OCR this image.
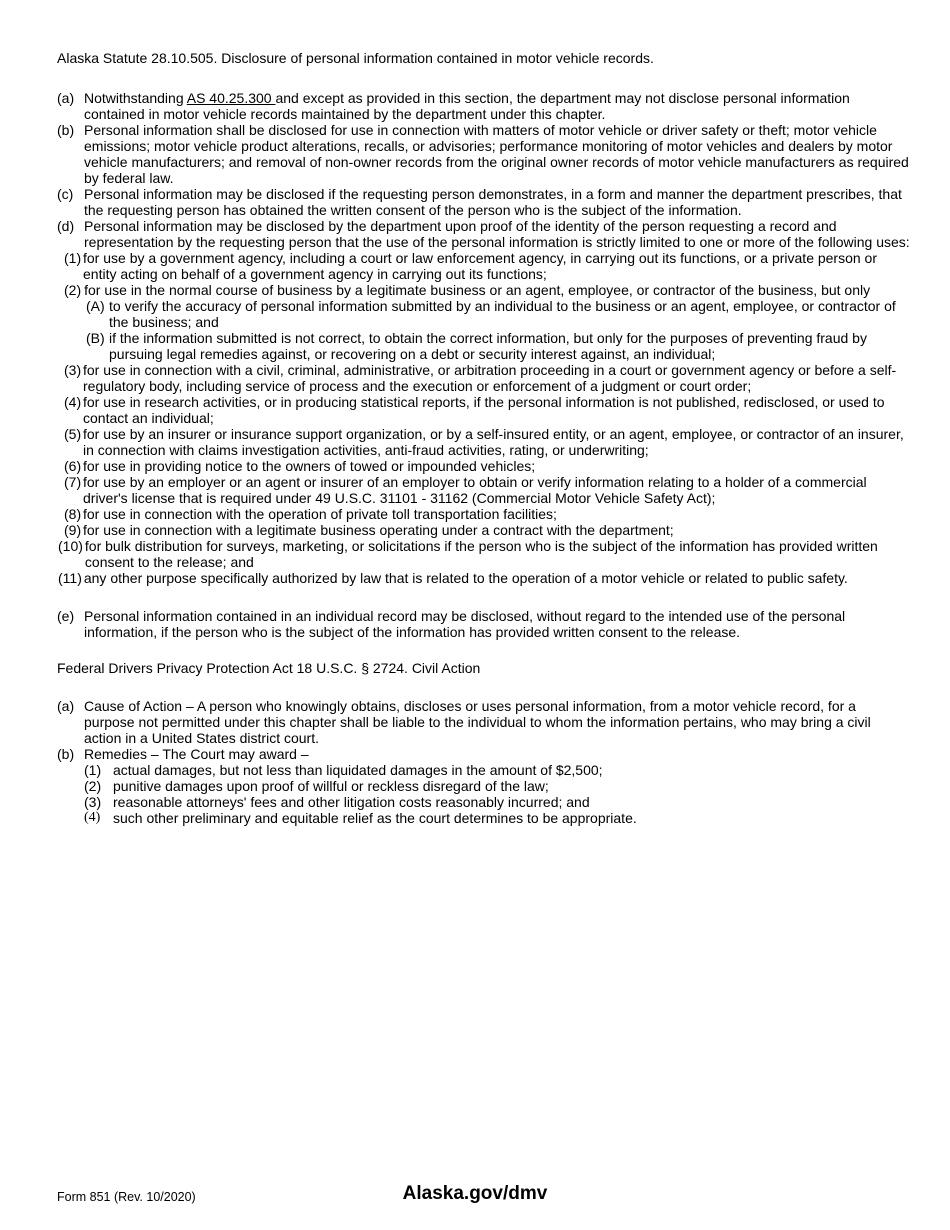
Alaska Statute 28.10.505. Disclosure of personal information contained in motor vehicle records.
(a) Notwithstanding AS 40.25.300 and except as provided in this section, the department may not disclose personal information contained in motor vehicle records maintained by the department under this chapter.
(b) Personal information shall be disclosed for use in connection with matters of motor vehicle or driver safety or theft; motor vehicle emissions; motor vehicle product alterations, recalls, or advisories; performance monitoring of motor vehicles and dealers by motor vehicle manufacturers; and removal of non-owner records from the original owner records of motor vehicle manufacturers as required by federal law.
(c) Personal information may be disclosed if the requesting person demonstrates, in a form and manner the department prescribes, that the requesting person has obtained the written consent of the person who is the subject of the information.
(d) Personal information may be disclosed by the department upon proof of the identity of the person requesting a record and representation by the requesting person that the use of the personal information is strictly limited to one or more of the following uses:
(1) for use by a government agency, including a court or law enforcement agency, in carrying out its functions, or a private person or entity acting on behalf of a government agency in carrying out its functions;
(2) for use in the normal course of business by a legitimate business or an agent, employee, or contractor of the business, but only
(A) to verify the accuracy of personal information submitted by an individual to the business or an agent, employee, or contractor of the business; and
(B) if the information submitted is not correct, to obtain the correct information, but only for the purposes of preventing fraud by pursuing legal remedies against, or recovering on a debt or security interest against, an individual;
(3) for use in connection with a civil, criminal, administrative, or arbitration proceeding in a court or government agency or before a self-regulatory body, including service of process and the execution or enforcement of a judgment or court order;
(4) for use in research activities, or in producing statistical reports, if the personal information is not published, redisclosed, or used to contact an individual;
(5) for use by an insurer or insurance support organization, or by a self-insured entity, or an agent, employee, or contractor of an insurer, in connection with claims investigation activities, anti-fraud activities, rating, or underwriting;
(6) for use in providing notice to the owners of towed or impounded vehicles;
(7) for use by an employer or an agent or insurer of an employer to obtain or verify information relating to a holder of a commercial driver's license that is required under 49 U.S.C. 31101 - 31162 (Commercial Motor Vehicle Safety Act);
(8) for use in connection with the operation of private toll transportation facilities;
(9) for use in connection with a legitimate business operating under a contract with the department;
(10) for bulk distribution for surveys, marketing, or solicitations if the person who is the subject of the information has provided written consent to the release; and
(11) any other purpose specifically authorized by law that is related to the operation of a motor vehicle or related to public safety.
(e) Personal information contained in an individual record may be disclosed, without regard to the intended use of the personal information, if the person who is the subject of the information has provided written consent to the release.
Federal Drivers Privacy Protection Act 18 U.S.C. § 2724. Civil Action
(a) Cause of Action – A person who knowingly obtains, discloses or uses personal information, from a motor vehicle record, for a purpose not permitted under this chapter shall be liable to the individual to whom the information pertains, who may bring a civil action in a United States district court.
(b) Remedies – The Court may award –
(1) actual damages, but not less than liquidated damages in the amount of $2,500;
(2) punitive damages upon proof of willful or reckless disregard of the law;
(3) reasonable attorneys' fees and other litigation costs reasonably incurred; and
(4) such other preliminary and equitable relief as the court determines to be appropriate.
Form 851 (Rev. 10/2020)	Alaska.gov/dmv
